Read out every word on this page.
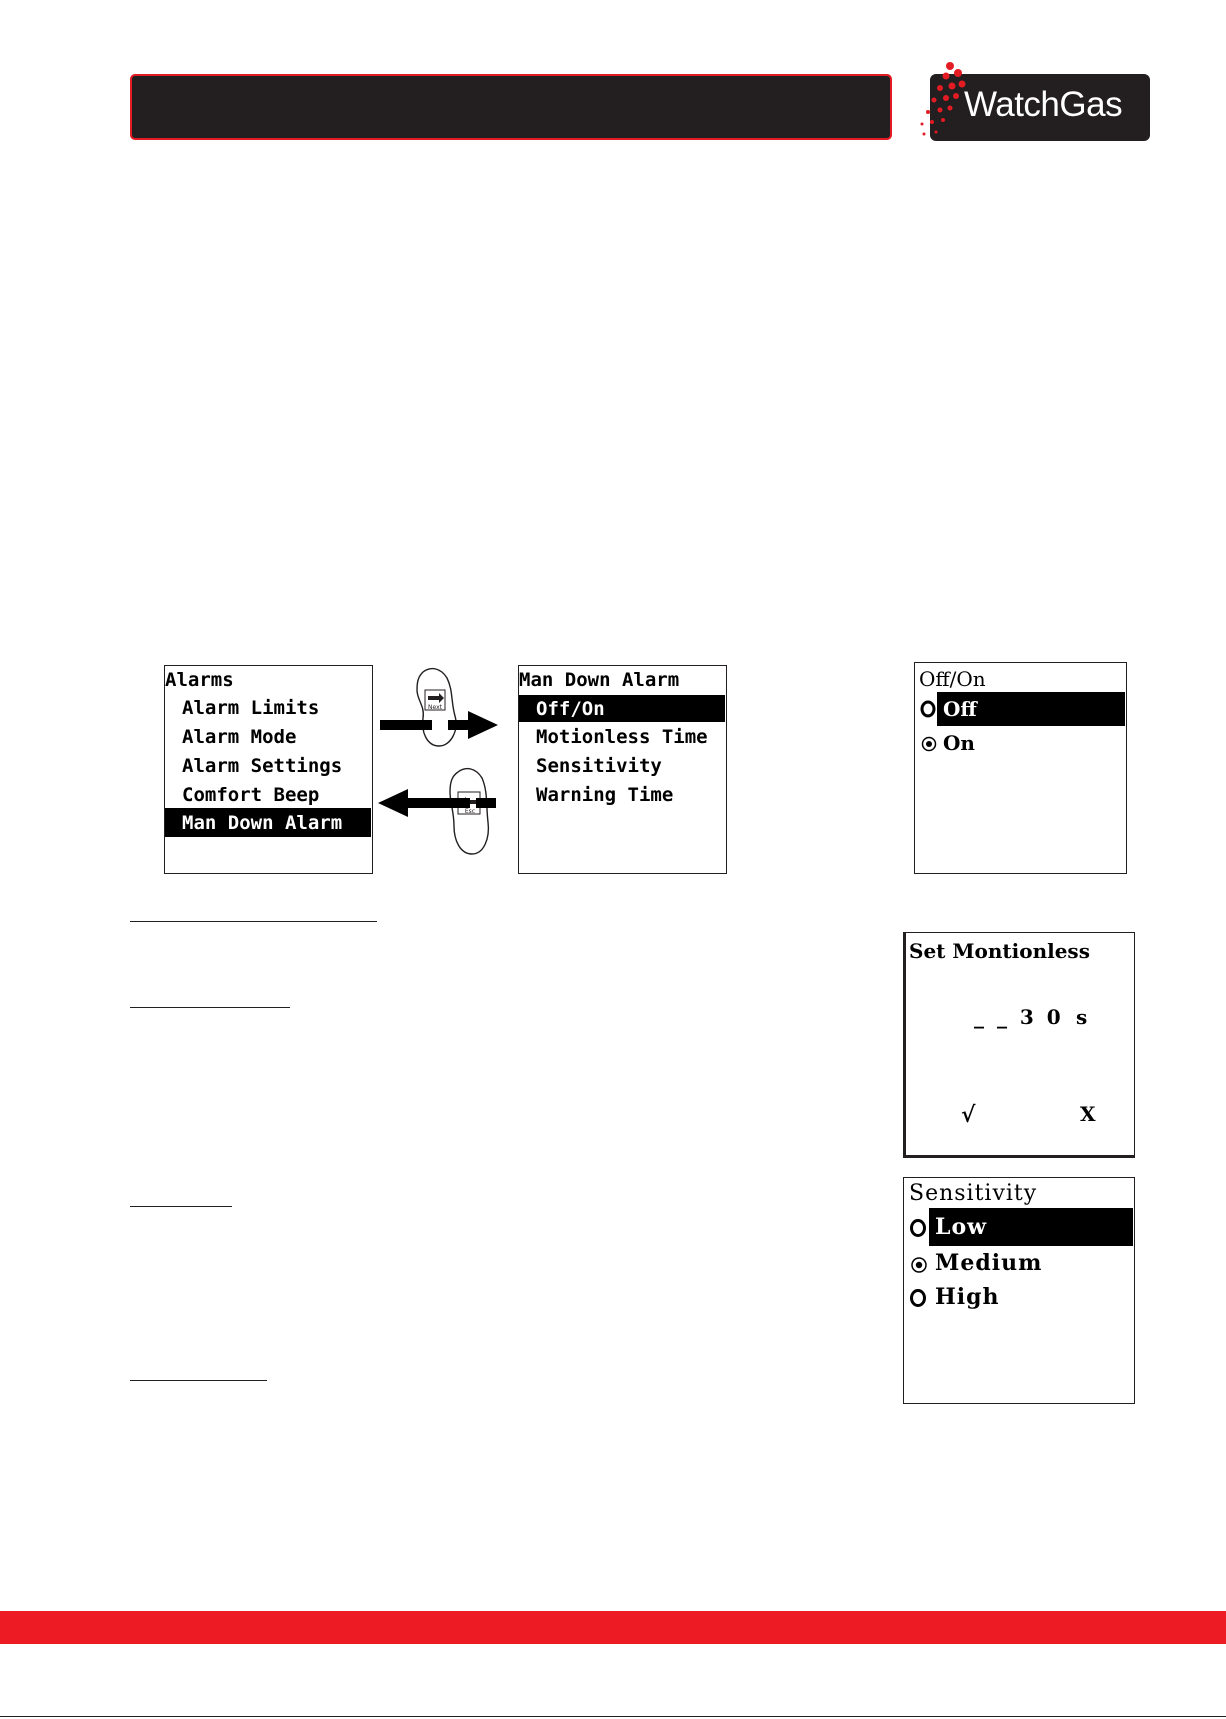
WatchGas
Alarms
Alarm Limits
Alarm Mode
Alarm Settings
Comfort Beep
Man Down Alarm
Next
Esc
Man Down Alarm
Off/On
Motionless Time
Sensitivity
Warning Time
Off/On
Off
On
Set Montionless
_ _ 3 0 s
√	X
Sensitivity
Low
Medium
High
